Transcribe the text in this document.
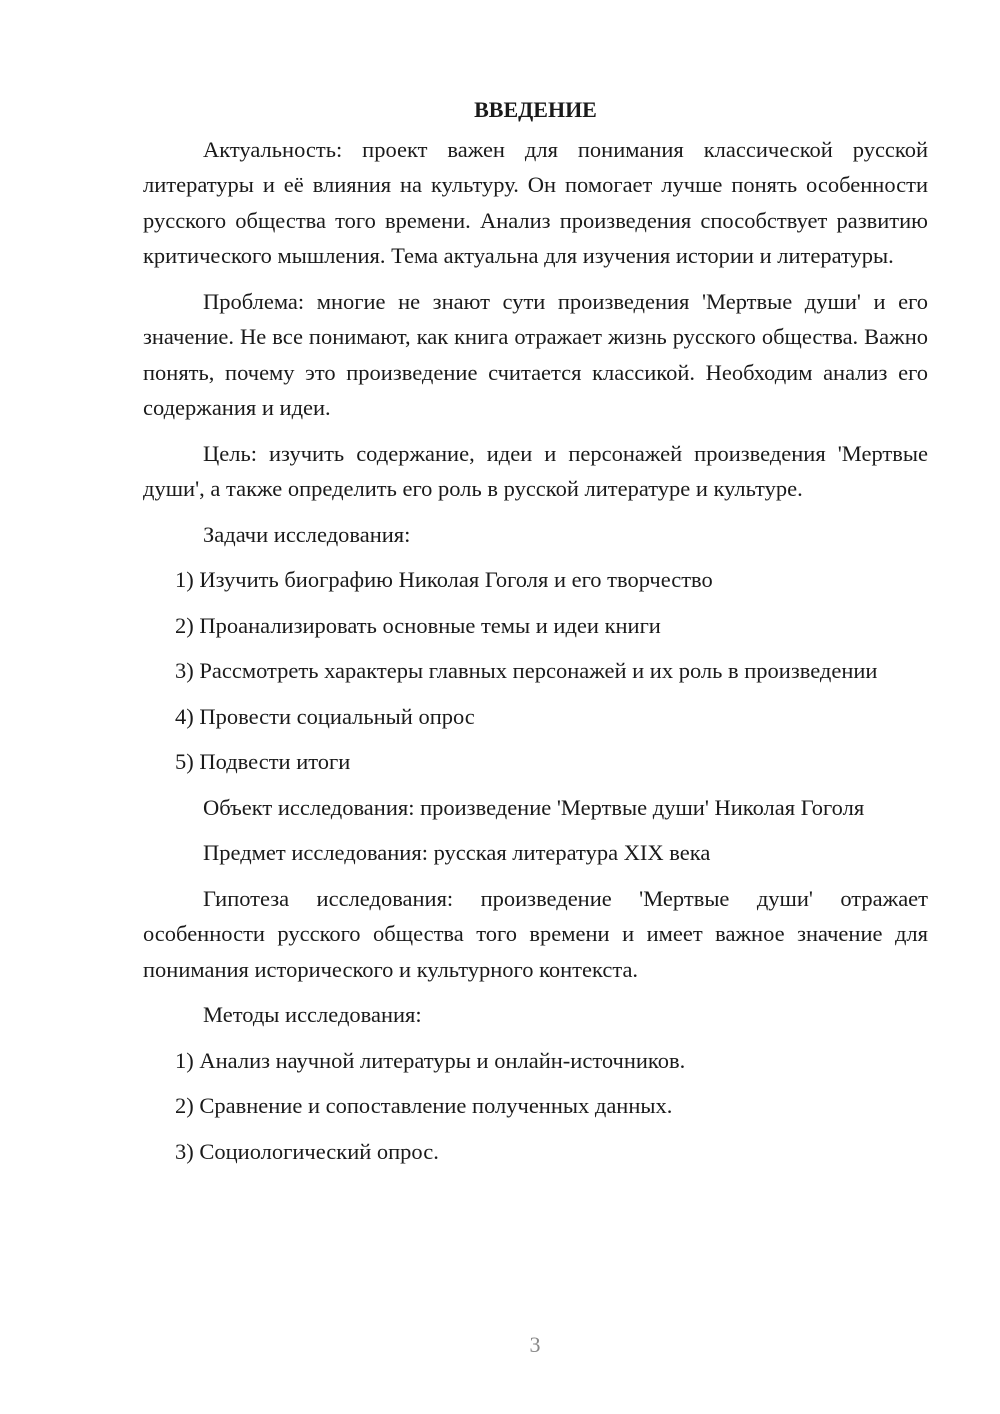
ВВЕДЕНИЕ

Актуальность: проект важен для понимания классической русской литературы и её влияния на культуру. Он помогает лучше понять особенности русского общества того времени. Анализ произведения способствует развитию критического мышления. Тема актуальна для изучения истории и литературы.

Проблема: многие не знают сути произведения 'Мертвые души' и его значение. Не все понимают, как книга отражает жизнь русского общества. Важно понять, почему это произведение считается классикой. Необходим анализ его содержания и идеи.

Цель: изучить содержание, идеи и персонажей произведения 'Мертвые души', а также определить его роль в русской литературе и культуре.

Задачи исследования:

1) Изучить биографию Николая Гоголя и его творчество

2) Проанализировать основные темы и идеи книги

3) Рассмотреть характеры главных персонажей и их роль в произведении

4) Провести социальный опрос

5) Подвести итоги

Объект исследования: произведение 'Мертвые души' Николая Гоголя

Предмет исследования: русская литература XIX века

Гипотеза исследования: произведение 'Мертвые души' отражает особенности русского общества того времени и имеет важное значение для понимания исторического и культурного контекста.

Методы исследования:

1) Анализ научной литературы и онлайн-источников.

2) Сравнение и сопоставление полученных данных.

3) Социологический опрос.

3
